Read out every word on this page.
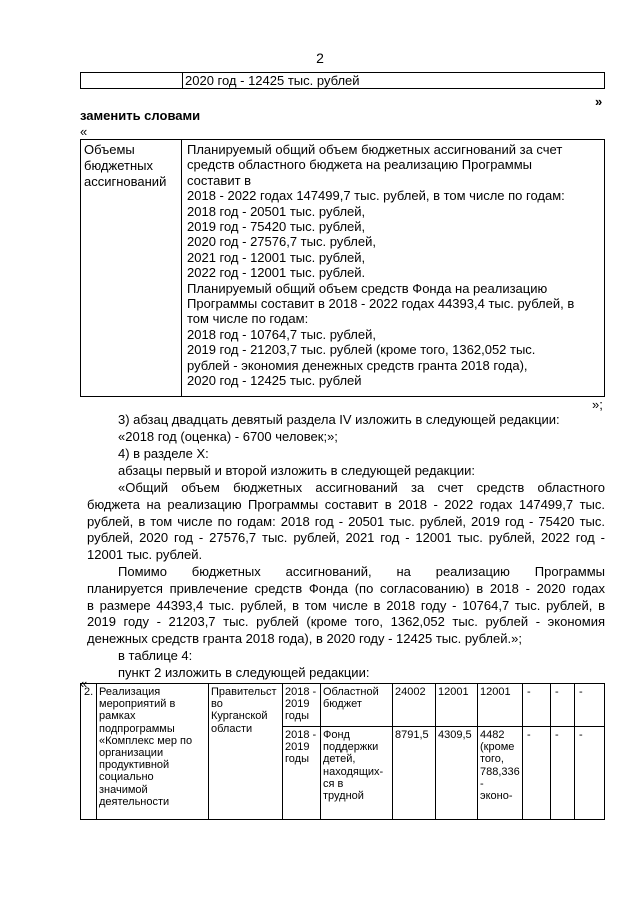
2
2020 год - 12425 тыс. рублей
»
заменить словами
«
Объемы
бюджетных
ассигнований
Планируемый общий объем бюджетных ассигнований за счет
средств областного бюджета на реализацию Программы
составит в
2018 - 2022 годах 147499,7 тыс. рублей, в том числе по годам:
2018 год - 20501 тыс. рублей,
2019 год - 75420 тыс. рублей,
2020 год - 27576,7 тыс. рублей,
2021 год - 12001 тыс. рублей,
2022 год - 12001 тыс. рублей.
Планируемый общий объем средств Фонда на реализацию
Программы составит в 2018 - 2022 годах 44393,4 тыс. рублей, в
том числе по годам:
2018 год - 10764,7 тыс. рублей,
2019 год - 21203,7 тыс. рублей (кроме того, 1362,052 тыс.
рублей - экономия денежных средств гранта 2018 года),
2020 год - 12425 тыс. рублей
»;
3) абзац двадцать девятый раздела IV изложить в следующей редакции:
«2018 год (оценка) - 6700 человек;»;
4) в разделе X:
абзацы первый и второй изложить в следующей редакции:
«Общий объем бюджетных ассигнований за счет средств областного
бюджета на реализацию Программы составит в 2018 - 2022 годах 147499,7 тыс.
рублей, в том числе по годам: 2018 год - 20501 тыс. рублей, 2019 год - 75420 тыс.
рублей, 2020 год - 27576,7 тыс. рублей, 2021 год - 12001 тыс. рублей, 2022 год -
12001 тыс. рублей.
Помимо бюджетных ассигнований, на реализацию Программы
планируется привлечение средств Фонда (по согласованию) в 2018 - 2020 годах
в размере 44393,4 тыс. рублей, в том числе в 2018 году - 10764,7 тыс. рублей, в
2019 году - 21203,7 тыс. рублей (кроме того, 1362,052 тыс. рублей - экономия
денежных средств гранта 2018 года), в 2020 году - 12425 тыс. рублей.»;
в таблице 4:
пункт 2 изложить в следующей редакции:
«
2. Реализация
мероприятий в
рамках
подпрограммы
«Комплекс мер по
организации
продуктивной
социально
значимой
деятельности
Правительст
во
Курганской
области
2018 -
2019
годы
Областной
бюджет
24002 12001 12001 - - -
2018 -
2019
годы
Фонд
поддержки
детей,
находящих-
ся в
трудной
8791,5 4309,5 4482
(кроме
того,
788,336
-
эконо-
- - -
